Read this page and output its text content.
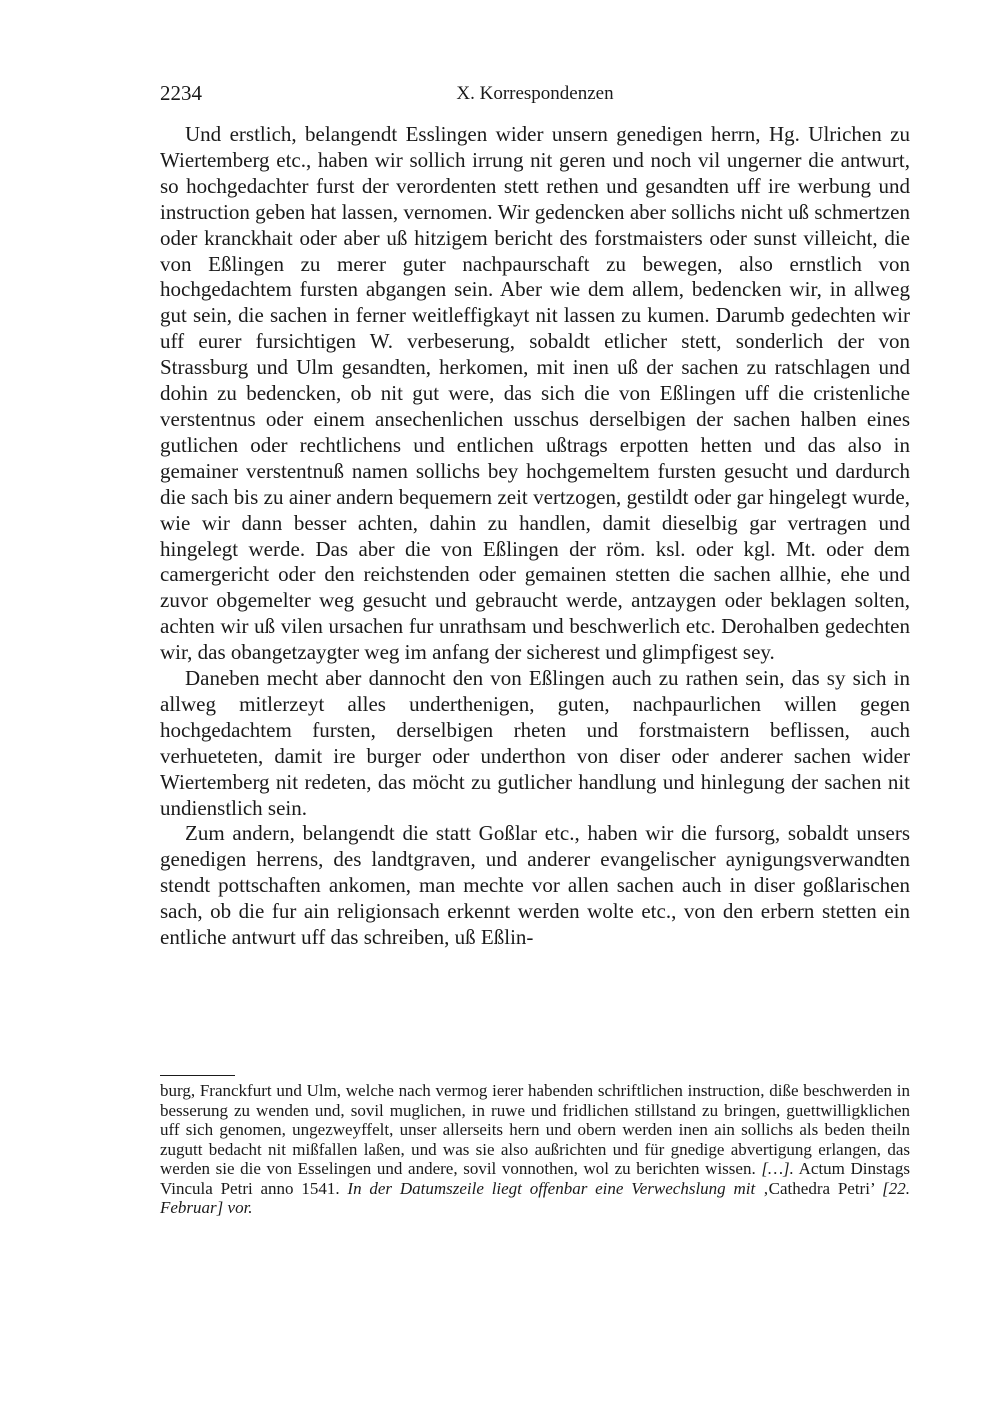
2234	X. Korrespondenzen

Und erstlich, belangendt Esslingen wider unsern genedigen herrn, Hg. Ulrichen zu Wiertemberg etc., haben wir sollich irrung nit geren und noch vil ungerner die antwurt, so hochgedachter furst der verordenten stett rethen und gesandten uff ire werbung und instruction geben hat lassen, vernomen. Wir gedencken aber sollichs nicht uß schmertzen oder kranckhait oder aber uß hitzigem bericht des forstmaisters oder sunst villeicht, die von Eßlingen zu merer guter nachpaurschaft zu bewegen, also ernstlich von hochgedachtem fursten abgangen sein. Aber wie dem allem, bedencken wir, in allweg gut sein, die sachen in ferner weitleffigkayt nit lassen zu kumen. Darumb gedechten wir uff eurer fursichtigen W. verbeserung, sobaldt etlicher stett, sonderlich der von Strassburg und Ulm gesandten, herkomen, mit inen uß der sachen zu ratschlagen und dohin zu bedencken, ob nit gut were, das sich die von Eßlingen uff die cristenliche verstentnus oder einem ansechenlichen usschus derselbigen der sachen halben eines gutlichen oder rechtlichens und entlichen ußtrags erpotten hetten und das also in gemainer verstentnuß namen sollichs bey hochgemeltem fursten gesucht und dardurch die sach bis zu ainer andern bequemern zeit vertzogen, gestildt oder gar hingelegt wurde, wie wir dann besser achten, dahin zu handlen, damit dieselbig gar vertragen und hingelegt werde. Das aber die von Eßlingen der röm. ksl. oder kgl. Mt. oder dem camergericht oder den reichstenden oder gemainen stetten die sachen allhie, ehe und zuvor obgemelter weg gesucht und gebraucht werde, antzaygen oder beklagen solten, achten wir uß vilen ursachen fur unrathsam und beschwerlich etc. Derohalben gedechten wir, das obangetzaygter weg im anfang der sicherest und glimpfigest sey.

Daneben mecht aber dannocht den von Eßlingen auch zu rathen sein, das sy sich in allweg mitlerzeyt alles underthenigen, guten, nachpaurlichen willen gegen hochgedachtem fursten, derselbigen rheten und forstmaistern beflissen, auch verhueteten, damit ire burger oder underthon von diser oder anderer sachen wider Wiertemberg nit redeten, das möcht zu gutlicher handlung und hinlegung der sachen nit undienstlich sein.

Zum andern, belangendt die statt Goßlar etc., haben wir die fursorg, sobaldt unsers genedigen herrens, des landtgraven, und anderer evangelischer aynigungsverwandten stendt pottschaften ankomen, man mechte vor allen sachen auch in diser goßlarischen sach, ob die fur ain religionsach erkennt werden wolte etc., von den erbern stetten ein entliche antwurt uff das schreiben, uß Eßlin-

burg, Franckfurt und Ulm, welche nach vermog ierer habenden schriftlichen instruction, diße beschwerden in besserung zu wenden und, sovil muglichen, in ruwe und fridlichen stillstand zu bringen, guettwilligklichen uff sich genomen, ungezweyffelt, unser allerseits hern und obern werden inen ain sollichs als beden theiln zugutt bedacht nit mißfallen laßen, und was sie also außrichten und für gnedige abvertigung erlangen, das werden sie die von Esselingen und andere, sovil vonnothen, wol zu berichten wissen. […]. Actum Dinstags Vincula Petri anno 1541. In der Datumszeile liegt offenbar eine Verwechslung mit ‚Cathedra Petri’ [22. Februar] vor.
